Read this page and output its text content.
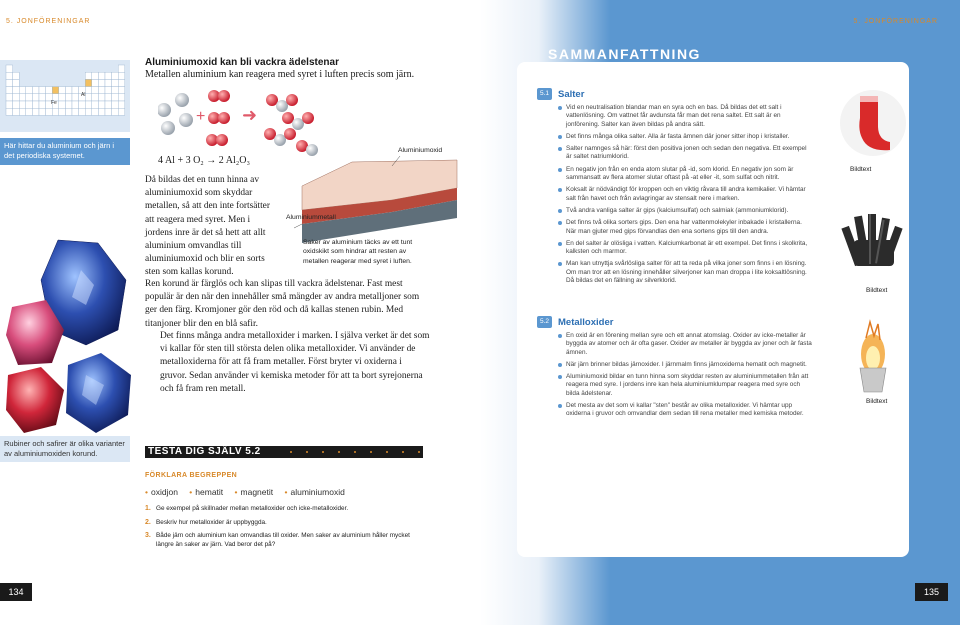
5. JONFÖRENINGAR
Fe
Al
Här hittar du aluminium och järn i det periodiska systemet.
Rubiner och safirer är olika varianter av aluminiumoxiden korund.
Aluminiumoxid kan bli vackra ädelstenar
Metallen aluminium kan reagera med syret i luften precis som järn.
+ ➜
4 Al + 3 O₂ → 2 Al₂O₃
Då bildas det en tunn hinna av aluminiumoxid som skyddar metallen, så att den inte fortsätter att reagera med syret. Men i jordens inre är det så hett att allt aluminium omvandlas till aluminiumoxid och blir en sorts sten som kallas korund.
Aluminiumoxid
Aluminiummetall
Saker av aluminium täcks av ett tunt oxidskikt som hindrar att resten av metallen reagerar med syret i luften.
Ren korund är färglös och kan slipas till vackra ädelstenar. Fast mest populär är den när den innehåller små mängder av andra metalljoner som ger den färg. Kromjoner gör den röd och då kallas stenen rubin. Med titanjoner blir den en blå safir.
Det finns många andra metalloxider i marken. I själva verket är det som vi kallar för sten till största delen olika metalloxider. Vi använder de metalloxiderna för att få fram metaller. Först bryter vi oxiderna i gruvor. Sedan använder vi kemiska metoder för att ta bort syrejonerna och få fram ren metall.
TESTA DIG SJÄLV 5.2
FÖRKLARA BEGREPPEN
• oxidjon • hematit • magnetit • aluminiumoxid
1. Ge exempel på skillnader mellan metalloxider och icke-metalloxider.
2. Beskriv hur metalloxider är uppbyggda.
3. Både järn och aluminium kan omvandlas till oxider. Men saker av aluminium håller mycket längre än saker av järn. Vad beror det på?
134
5. JONFÖRENINGAR
SAMMANFATTNING
5.1 Salter
Vid en neutralisation blandar man en syra och en bas. Då bildas det ett salt i vattenlösning. Om vattnet får avdunsta får man det rena saltet. Ett salt är en jonförening. Salter kan även bildas på andra sätt.
Det finns många olika salter. Alla är fasta ämnen där joner sitter ihop i kristaller.
Salter namnges så här: först den positiva jonen och sedan den negativa. Ett exempel är saltet natriumklorid.
En negativ jon från en enda atom slutar på -id, som klorid. En negativ jon som är sammansatt av flera atomer slutar oftast på -at eller -it, som sulfat och nitrit.
Koksalt är nödvändigt för kroppen och en viktig råvara till andra kemikalier. Vi hämtar salt från havet och från avlagringar av stensalt nere i marken.
Två andra vanliga salter är gips (kalciumsulfat) och salmiak (ammoniumklorid).
Det finns två olika sorters gips. Den ena har vattenmolekyler inbakade i kristallerna. När man gjuter med gips förvandlas den ena sortens gips till den andra.
En del salter är olösliga i vatten. Kalciumkarbonat är ett exempel. Det finns i skolkrita, kalksten och marmor.
Man kan utnyttja svårlösliga salter för att ta reda på vilka joner som finns i en lösning. Om man tror att en lösning innehåller silverjoner kan man droppa i lite koksaltlösning. Då bildas det en fällning av silverklorid.
5.2 Metalloxider
En oxid är en förening mellan syre och ett annat atomslag. Oxider av icke-metaller är byggda av atomer och är ofta gaser. Oxider av metaller är byggda av joner och är fasta ämnen.
När järn brinner bildas järnoxider. I järnmalm finns järnoxiderna hematit och magnetit.
Aluminiumoxid bildar en tunn hinna som skyddar resten av aluminiummetallen från att reagera med syre. I jordens inre kan hela aluminiumklumpar reagera med syre och bilda ädelstenar.
Det mesta av det som vi kallar "sten" består av olika metalloxider. Vi hämtar upp oxiderna i gruvor och omvandlar dem sedan till rena metaller med kemiska metoder.
Bildtext
Bildtext
Bildtext
135
